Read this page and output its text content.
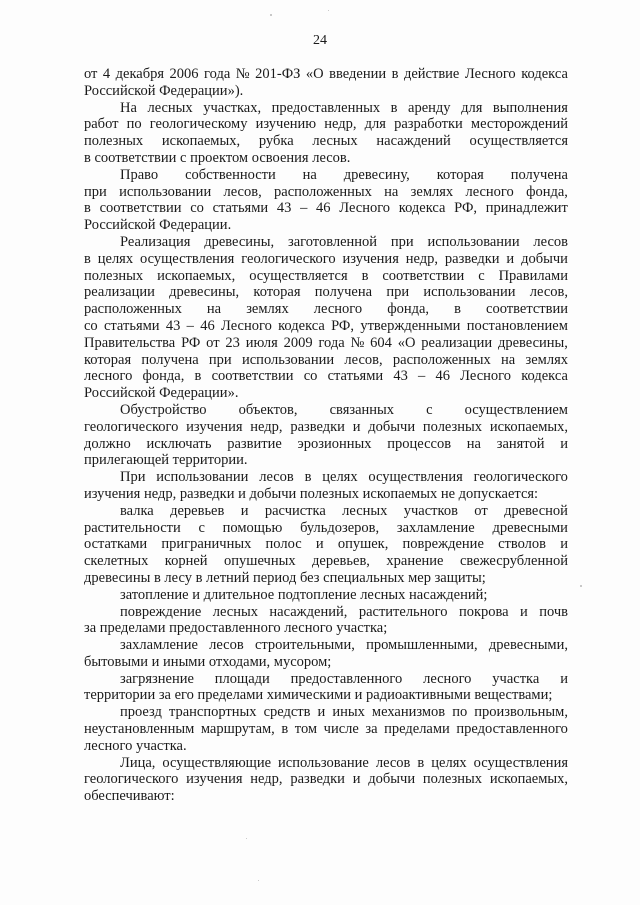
24
от 4 декабря 2006 года № 201-ФЗ «О введении в действие Лесного кодекса
Российской Федерации»).
На лесных участках, предоставленных в аренду для выполнения
работ по геологическому изучению недр, для разработки месторождений
полезных ископаемых, рубка лесных насаждений осуществляется
в соответствии с проектом освоения лесов.
Право собственности на древесину, которая получена
при использовании лесов, расположенных на землях лесного фонда,
в соответствии со статьями 43 – 46 Лесного кодекса РФ, принадлежит
Российской Федерации.
Реализация древесины, заготовленной при использовании лесов
в целях осуществления геологического изучения недр, разведки и добычи
полезных ископаемых, осуществляется в соответствии с Правилами
реализации древесины, которая получена при использовании лесов,
расположенных на землях лесного фонда, в соответствии
со статьями 43 – 46 Лесного кодекса РФ, утвержденными постановлением
Правительства РФ от 23 июля 2009 года № 604 «О реализации древесины,
которая получена при использовании лесов, расположенных на землях
лесного фонда, в соответствии со статьями 43 – 46 Лесного кодекса
Российской Федерации».
Обустройство объектов, связанных с осуществлением
геологического изучения недр, разведки и добычи полезных ископаемых,
должно исключать развитие эрозионных процессов на занятой и
прилегающей территории.
При использовании лесов в целях осуществления геологического
изучения недр, разведки и добычи полезных ископаемых не допускается:
валка деревьев и расчистка лесных участков от древесной
растительности с помощью бульдозеров, захламление древесными
остатками приграничных полос и опушек, повреждение стволов и
скелетных корней опушечных деревьев, хранение свежесрубленной
древесины в лесу в летний период без специальных мер защиты;
затопление и длительное подтопление лесных насаждений;
повреждение лесных насаждений, растительного покрова и почв
за пределами предоставленного лесного участка;
захламление лесов строительными, промышленными, древесными,
бытовыми и иными отходами, мусором;
загрязнение площади предоставленного лесного участка и
территории за его пределами химическими и радиоактивными веществами;
проезд транспортных средств и иных механизмов по произвольным,
неустановленным маршрутам, в том числе за пределами предоставленного
лесного участка.
Лица, осуществляющие использование лесов в целях осуществления
геологического изучения недр, разведки и добычи полезных ископаемых,
обеспечивают:
